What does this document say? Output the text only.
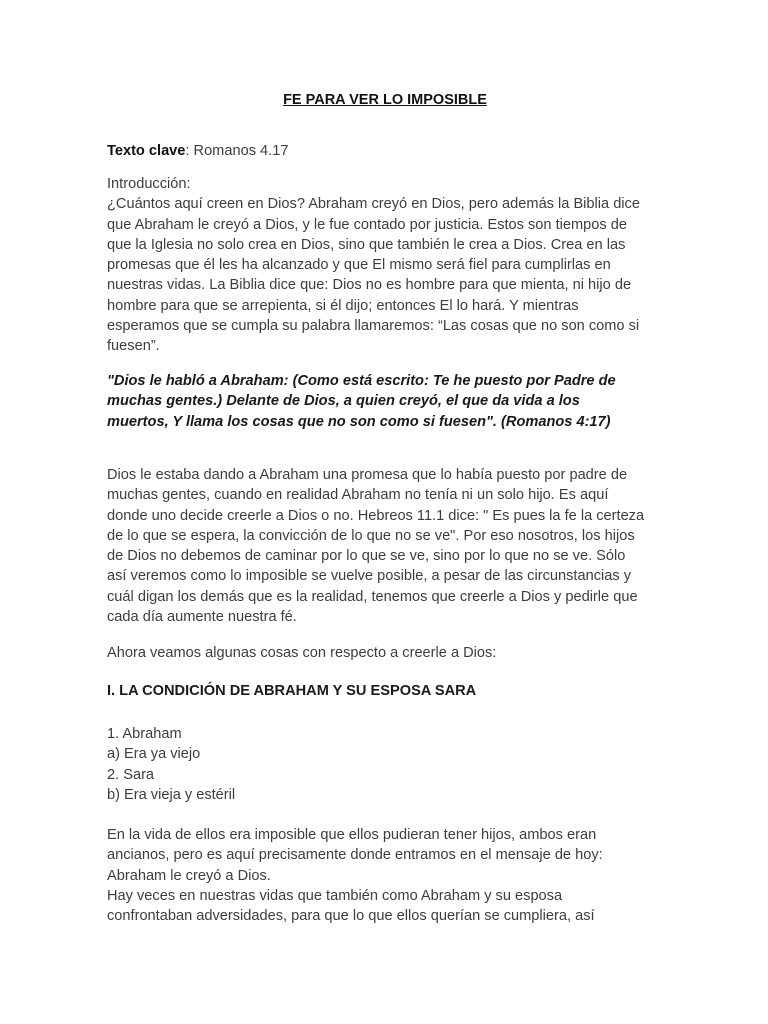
FE PARA VER LO IMPOSIBLE

Texto clave: Romanos 4.17

Introducción:
¿Cuántos aquí creen en Dios? Abraham creyó en Dios, pero además la Biblia dice
que Abraham le creyó a Dios, y le fue contado por justicia. Estos son tiempos de
que la Iglesia no solo crea en Dios, sino que también le crea a Dios. Crea en las
promesas que él les ha alcanzado y que El mismo será fiel para cumplirlas en
nuestras vidas. La Biblia dice que: Dios no es hombre para que mienta, ni hijo de
hombre para que se arrepienta, si él dijo; entonces El lo hará. Y mientras
esperamos que se cumpla su palabra llamaremos: “Las cosas que no son como si
fuesen”.

"Dios le habló a Abraham: (Como está escrito: Te he puesto por Padre de
muchas gentes.) Delante de Dios, a quien creyó, el que da vida a los
muertos, Y llama los cosas que no son como si fuesen". (Romanos 4:17)

Dios le estaba dando a Abraham una promesa que lo había puesto por padre de
muchas gentes, cuando en realidad Abraham no tenía ni un solo hijo. Es aquí
donde uno decide creerle a Dios o no. Hebreos 11.1 dice: " Es pues la fe la certeza
de lo que se espera, la convicción de lo que no se ve". Por eso nosotros, los hijos
de Dios no debemos de caminar por lo que se ve, sino por lo que no se ve. Sólo
así veremos como lo imposible se vuelve posible, a pesar de las circunstancias y
cuál digan los demás que es la realidad, tenemos que creerle a Dios y pedirle que
cada día aumente nuestra fé.

Ahora veamos algunas cosas con respecto a creerle a Dios:

I. LA CONDICIÓN DE ABRAHAM Y SU ESPOSA SARA
1. Abraham
a) Era ya viejo
2. Sara
b) Era vieja y estéril

En la vida de ellos era imposible que ellos pudieran tener hijos, ambos eran
ancianos, pero es aquí precisamente donde entramos en el mensaje de hoy:
Abraham le creyó a Dios.
Hay veces en nuestras vidas que también como Abraham y su esposa
confrontaban adversidades, para que lo que ellos querían se cumpliera, así
